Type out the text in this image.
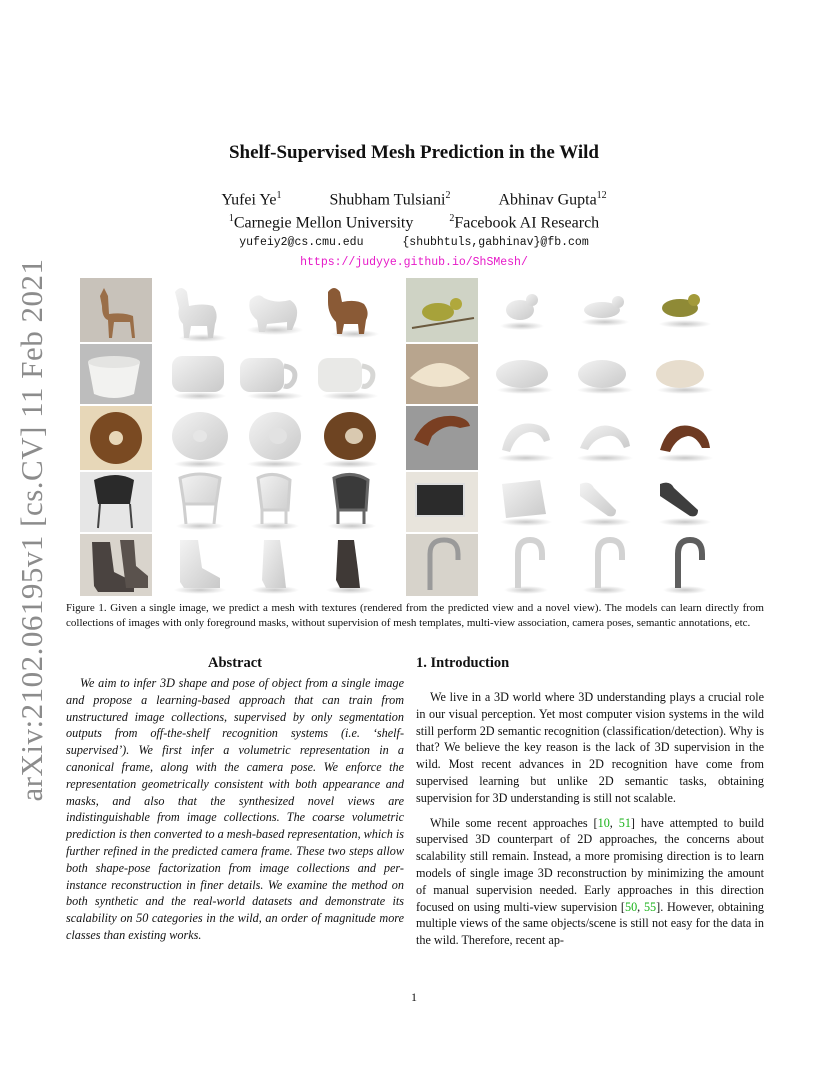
arXiv:2102.06195v1 [cs.CV] 11 Feb 2021
Shelf-Supervised Mesh Prediction in the Wild
Yufei Ye$^1$	Shubham Tulsiani$^2$	Abhinav Gupta$^{12}$
$^1$Carnegie Mellon University	$^2$Facebook AI Research
yufeiy2@cs.cmu.edu	{shubhtuls,gabhinav}@fb.com
https://judyye.github.io/ShSMesh/
Figure 1. Given a single image, we predict a mesh with textures (rendered from the predicted view and a novel view). The models can learn directly from collections of images with only foreground masks, without supervision of mesh templates, multi-view association, camera poses, semantic annotations, etc.
Abstract

We aim to infer 3D shape and pose of object from a single image and propose a learning-based approach that can train from unstructured image collections, supervised by only segmentation outputs from off-the-shelf recognition systems (i.e. ‘shelf-supervised’). We first infer a volumetric representation in a canonical frame, along with the camera pose. We enforce the representation geometrically consistent with both appearance and masks, and also that the synthesized novel views are indistinguishable from image collections. The coarse volumetric prediction is then converted to a mesh-based representation, which is further refined in the predicted camera frame. These two steps allow both shape-pose factorization from image collections and per-instance reconstruction in finer details. We examine the method on both synthetic and the real-world datasets and demonstrate its scalability on 50 categories in the wild, an order of magnitude more classes than existing works.

1. Introduction

We live in a 3D world where 3D understanding plays a crucial role in our visual perception. Yet most computer vision systems in the wild still perform 2D semantic recognition (classification/detection). Why is that? We believe the key reason is the lack of 3D supervision in the wild. Most recent advances in 2D recognition have come from supervised learning but unlike 2D semantic tasks, obtaining supervision for 3D understanding is still not scalable.

While some recent approaches [10, 51] have attempted to build supervised 3D counterpart of 2D approaches, the concerns about scalability still remain. Instead, a more promising direction is to learn models of single image 3D reconstruction by minimizing the amount of manual supervision needed. Early approaches in this direction focused on using multi-view supervision [50, 55]. However, obtaining multiple views of the same objects/scene is still not easy for the data in the wild. Therefore, recent ap-

1
